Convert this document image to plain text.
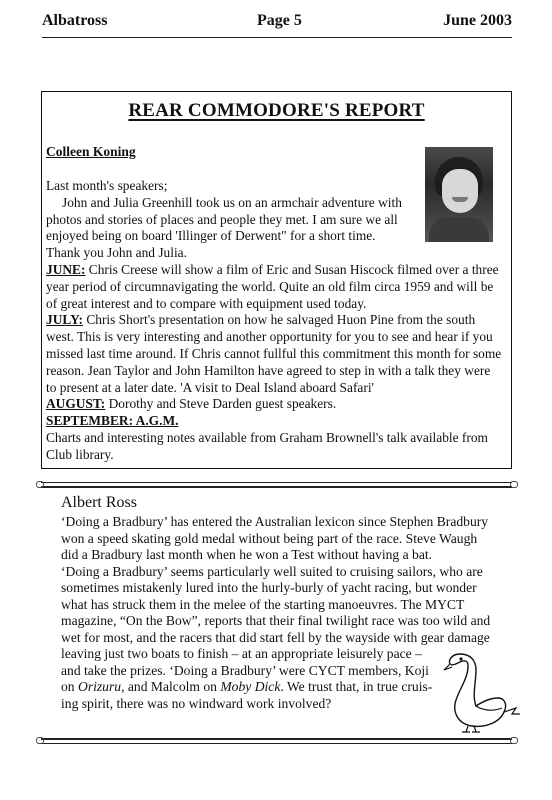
Albatross	Page 5	June 2003
REAR COMMODORE'S REPORT
Colleen Koning

Last month's speakers;

John and Julia Greenhill took us on an armchair adventure with

photos and stories of places and people they met. I am sure we all

enjoyed being on board 'Illinger of Derwent" for a short time.

Thank you John and Julia.

JUNE: Chris Creese will show a film of Eric and Susan Hiscock filmed over a three

year period of circumnavigating the world. Quite an old film circa 1959 and will be

of great interest and to compare with equipment used today.

JULY: Chris Short's presentation on how he salvaged Huon Pine from the south

west. This is very interesting and another opportunity for you to see and hear if you

missed last time around. If Chris cannot fullful this commitment this month for some

reason. Jean Taylor and John Hamilton have agreed to step in with a talk they were

to present at a later date. 'A visit to Deal Island aboard Safari'

AUGUST: Dorothy and Steve Darden guest speakers.

SEPTEMBER: A.G.M.

Charts and interesting notes available from Graham Brownell's talk available from

Club library.

Albert Ross

‘Doing a Bradbury’ has entered the Australian lexicon since Stephen Bradbury

won a speed skating gold medal without being part of the race. Steve Waugh

did a Bradbury last month when he won a Test without having a bat.

‘Doing a Bradbury’ seems particularly well suited to cruising sailors, who are

sometimes mistakenly lured into the hurly-burly of yacht racing, but wonder

what has struck them in the melee of the starting manoeuvres. The MYCT

magazine, “On the Bow”, reports that their final twilight race was too wild and

wet for most, and the racers that did start fell by the wayside with gear damage

leaving just two boats to finish – at an appropriate leisurely pace –

and take the prizes. ‘Doing a Bradbury’ were CYCT members, Koji

on Orizuru, and Malcolm on Moby Dick. We trust that, in true cruis-

ing spirit, there was no windward work involved?
